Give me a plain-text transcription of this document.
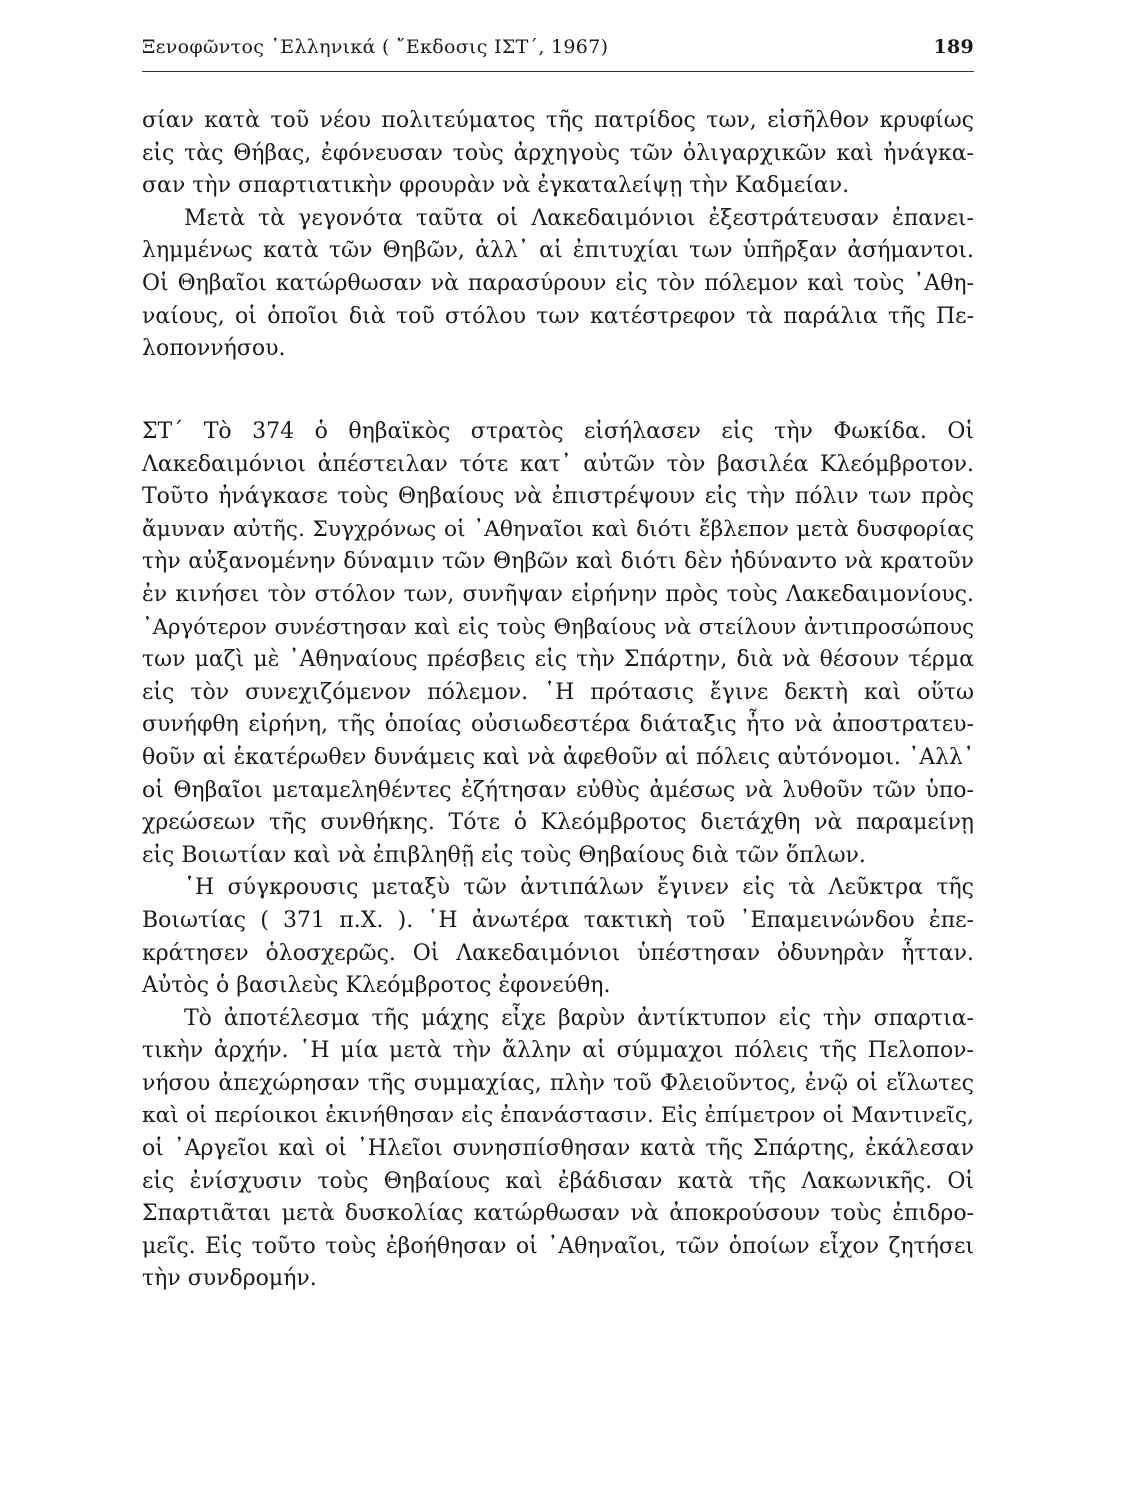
Ξενοφῶντος ῾Ελληνικά ( ῎Εκδοσις ΙΣΤ΄, 1967)	189
σίαν κατὰ τοῦ νέου πολιτεύματος τῆς πατρίδος των, εἰσῆλθον κρυφίως
εἰς τὰς Θήβας, ἐφόνευσαν τοὺς ἀρχηγοὺς τῶν ὀλιγαρχικῶν καὶ ἠνάγκα-
σαν τὴν σπαρτιατικὴν φρουρὰν νὰ ἐγκαταλείψῃ τὴν Καδμείαν.
Μετὰ τὰ γεγονότα ταῦτα οἱ Λακεδαιμόνιοι ἐξεστράτευσαν ἐπανει-
λημμένως κατὰ τῶν Θηβῶν, ἀλλ᾽ αἱ ἐπιτυχίαι των ὑπῆρξαν ἀσήμαντοι.
Οἱ Θηβαῖοι κατώρθωσαν νὰ παρασύρουν εἰς τὸν πόλεμον καὶ τοὺς ᾽Αθη-
ναίους, οἱ ὁποῖοι διὰ τοῦ στόλου των κατέστρεφον τὰ παράλια τῆς Πε-
λοποννήσου.
ΣΤ΄ Τὸ 374 ὁ θηβαϊκὸς στρατὸς εἰσήλασεν εἰς τὴν Φωκίδα. Οἱ
Λακεδαιμόνιοι ἀπέστειλαν τότε κατ᾽ αὐτῶν τὸν βασιλέα Κλεόμβροτον.
Τοῦτο ἠνάγκασε τοὺς Θηβαίους νὰ ἐπιστρέψουν εἰς τὴν πόλιν των πρὸς
ἄμυναν αὐτῆς. Συγχρόνως οἱ ᾽Αθηναῖοι καὶ διότι ἔβλεπον μετὰ δυσφορίας
τὴν αὐξανομένην δύναμιν τῶν Θηβῶν καὶ διότι δὲν ἠδύναντο νὰ κρατοῦν
ἐν κινήσει τὸν στόλον των, συνῆψαν εἰρήνην πρὸς τοὺς Λακεδαιμονίους.
᾽Αργότερον συνέστησαν καὶ εἰς τοὺς Θηβαίους νὰ στείλουν ἀντιπροσώπους
των μαζὶ μὲ ᾽Αθηναίους πρέσβεις εἰς τὴν Σπάρτην, διὰ νὰ θέσουν τέρμα
εἰς τὸν συνεχιζόμενον πόλεμον. ῾Η πρότασις ἔγινε δεκτὴ καὶ οὕτω
συνήφθη εἰρήνη, τῆς ὁποίας οὐσιωδεστέρα διάταξις ἦτο νὰ ἀποστρατευ-
θοῦν αἱ ἑκατέρωθεν δυνάμεις καὶ νὰ ἀφεθοῦν αἱ πόλεις αὐτόνομοι. ᾽Αλλ᾽
οἱ Θηβαῖοι μεταμεληθέντες ἐζήτησαν εὐθὺς ἀμέσως νὰ λυθοῦν τῶν ὑπο-
χρεώσεων τῆς συνθήκης. Τότε ὁ Κλεόμβροτος διετάχθη νὰ παραμείνῃ
εἰς Βοιωτίαν καὶ νὰ ἐπιβληθῇ εἰς τοὺς Θηβαίους διὰ τῶν ὅπλων.
῾Η σύγκρουσις μεταξὺ τῶν ἀντιπάλων ἔγινεν εἰς τὰ Λεῦκτρα τῆς
Βοιωτίας ( 371 π.Χ. ). ῾Η ἀνωτέρα τακτικὴ τοῦ ᾽Επαμεινώνδου ἐπε-
κράτησεν ὁλοσχερῶς. Οἱ Λακεδαιμόνιοι ὑπέστησαν ὀδυνηρὰν ἧτταν.
Αὐτὸς ὁ βασιλεὺς Κλεόμβροτος ἐφονεύθη.
Τὸ ἀποτέλεσμα τῆς μάχης εἶχε βαρὺν ἀντίκτυπον εἰς τὴν σπαρτια-
τικὴν ἀρχήν. ῾Η μία μετὰ τὴν ἄλλην αἱ σύμμαχοι πόλεις τῆς Πελοπον-
νήσου ἀπεχώρησαν τῆς συμμαχίας, πλὴν τοῦ Φλειοῦντος, ἐνῷ οἱ εἵλωτες
καὶ οἱ περίοικοι ἐκινήθησαν εἰς ἐπανάστασιν. Εἰς ἐπίμετρον οἱ Μαντινεῖς,
οἱ ᾽Αργεῖοι καὶ οἱ ᾽Ηλεῖοι συνησπίσθησαν κατὰ τῆς Σπάρτης, ἐκάλεσαν
εἰς ἐνίσχυσιν τοὺς Θηβαίους καὶ ἐβάδισαν κατὰ τῆς Λακωνικῆς. Οἱ
Σπαρτιᾶται μετὰ δυσκολίας κατώρθωσαν νὰ ἀποκρούσουν τοὺς ἐπιδρο-
μεῖς. Εἰς τοῦτο τοὺς ἐβοήθησαν οἱ ᾽Αθηναῖοι, τῶν ὁποίων εἶχον ζητήσει
τὴν συνδρομήν.
